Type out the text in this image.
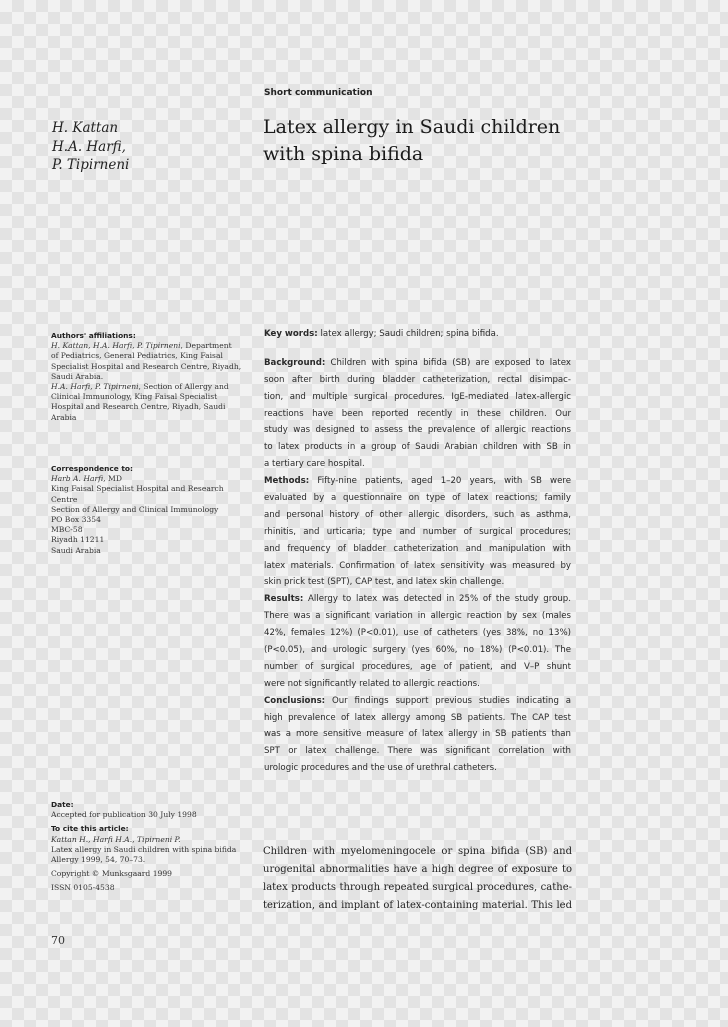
Short communication
H. Kattan
H.A. Harfi,
P. Tipirneni
Latex allergy in Saudi children
with spina bifida
Authors' affiliations:
H. Kattan, H.A. Harfi, P. Tipirneni, Department
of Pediatrics, General Pediatrics, King Faisal
Specialist Hospital and Research Centre, Riyadh,
Saudi Arabia.
H.A. Harfi, P. Tipirneni, Section of Allergy and
Clinical Immunology, King Faisal Specialist
Hospital and Research Centre, Riyadh, Saudi
Arabia
Correspondence to:
Harb A. Harfi, MD
King Faisal Specialist Hospital and Research
Centre
Section of Allergy and Clinical Immunology
PO Box 3354
MBC-58
Riyadh 11211
Saudi Arabia
Date:
Accepted for publication 30 July 1998
To cite this article:
Kattan H., Harfi H.A., Tipirneni P.
Latex allergy in Saudi children with spina bifida
Allergy 1999, 54, 70–73.
Copyright © Munksgaard 1999
ISSN 0105-4538
Key words: latex allergy; Saudi children; spina bifida.
Background: Children with spina bifida (SB) are exposed to latex
soon after birth during bladder catheterization, rectal disimpac-
tion, and multiple surgical procedures. IgE-mediated latex-allergic
reactions have been reported recently in these children. Our
study was designed to assess the prevalence of allergic reactions
to latex products in a group of Saudi Arabian children with SB in
a tertiary care hospital.
Methods: Fifty-nine patients, aged 1–20 years, with SB were
evaluated by a questionnaire on type of latex reactions; family
and personal history of other allergic disorders, such as asthma,
rhinitis, and urticaria; type and number of surgical procedures;
and frequency of bladder catheterization and manipulation with
latex materials. Confirmation of latex sensitivity was measured by
skin prick test (SPT), CAP test, and latex skin challenge.
Results: Allergy to latex was detected in 25% of the study group.
There was a significant variation in allergic reaction by sex (males
42%, females 12%) (P<0.01), use of catheters (yes 38%, no 13%)
(P<0.05), and urologic surgery (yes 60%, no 18%) (P<0.01). The
number of surgical procedures, age of patient, and V–P shunt
were not significantly related to allergic reactions.
Conclusions: Our findings support previous studies indicating a
high prevalence of latex allergy among SB patients. The CAP test
was a more sensitive measure of latex allergy in SB patients than
SPT or latex challenge. There was significant correlation with
urologic procedures and the use of urethral catheters.
Children with myelomeningocele or spina bifida (SB) and
urogenital abnormalities have a high degree of exposure to
latex products through repeated surgical procedures, cathe-
terization, and implant of latex-containing material. This led
70
